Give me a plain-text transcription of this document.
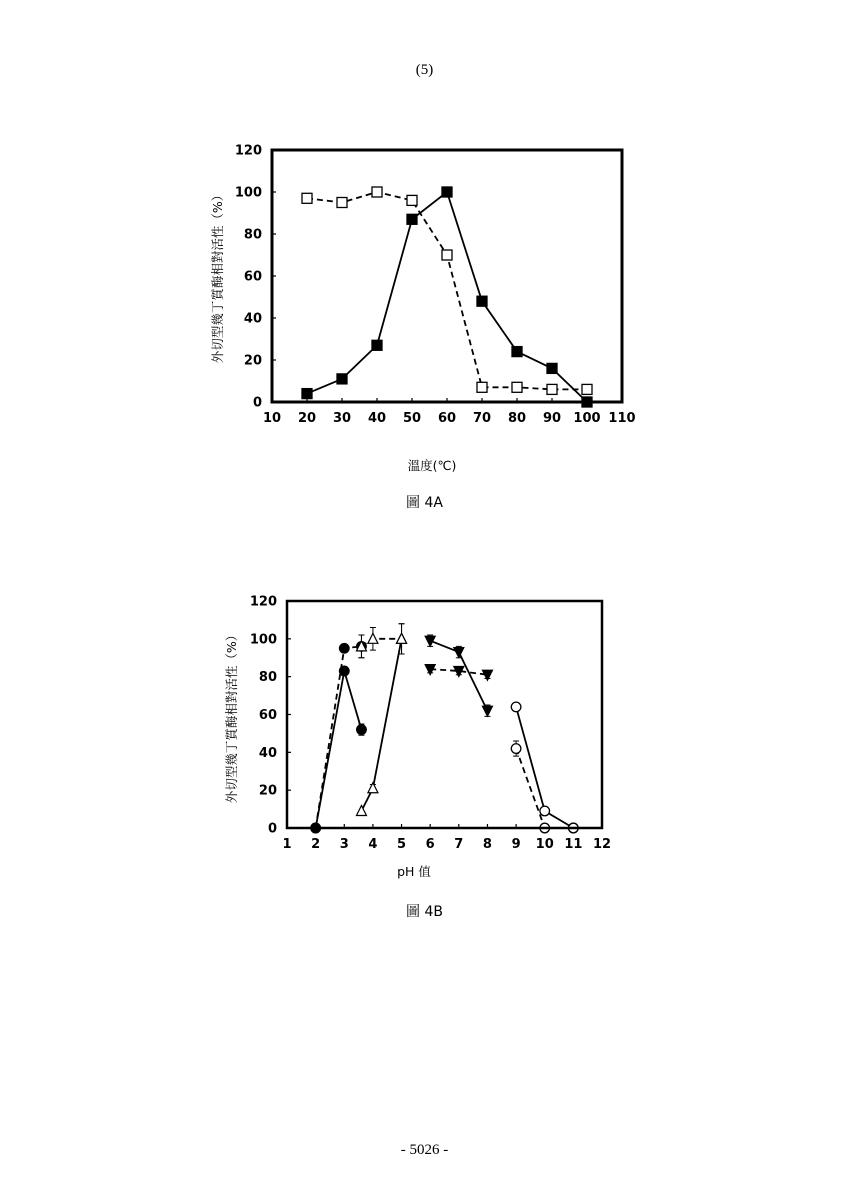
(5)
10 20 30 40 50 60 70 80 90 100 110
0
20
40
60
80
100
120
外切型幾丁質酶相對活性（%）
溫度(℃)
圖 4A
1 2 3 4 5 6 7 8 9 10 11 12
0
20
40
60
80
100
120
外切型幾丁質酶相對活性（%）
pH 值
圖 4B
- 5026 -
